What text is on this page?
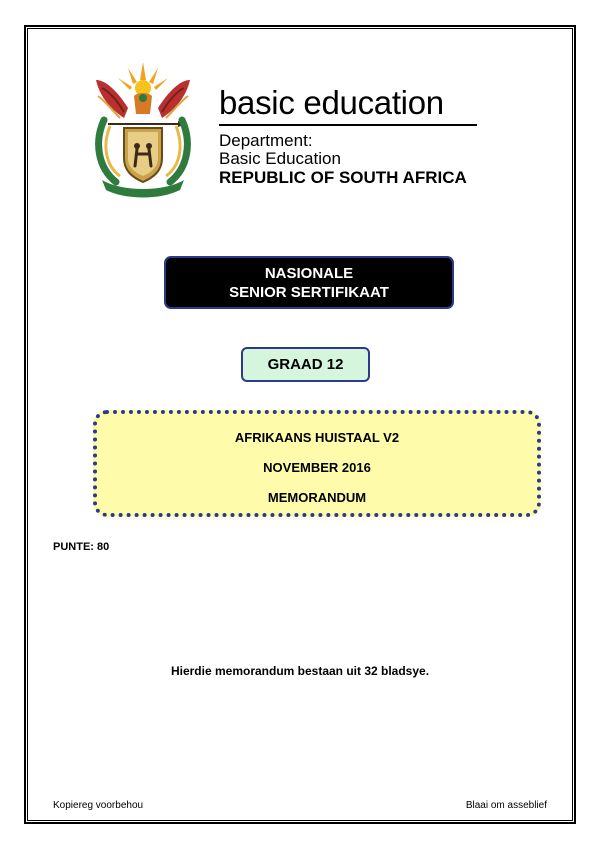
basic education
Department:
Basic Education
REPUBLIC OF SOUTH AFRICA
NASIONALE
SENIOR SERTIFIKAAT
GRAAD 12
AFRIKAANS HUISTAAL V2
NOVEMBER 2016
MEMORANDUM
PUNTE: 80
Hierdie memorandum bestaan uit 32 bladsye.
Kopiereg voorbehou	Blaai om asseblief
